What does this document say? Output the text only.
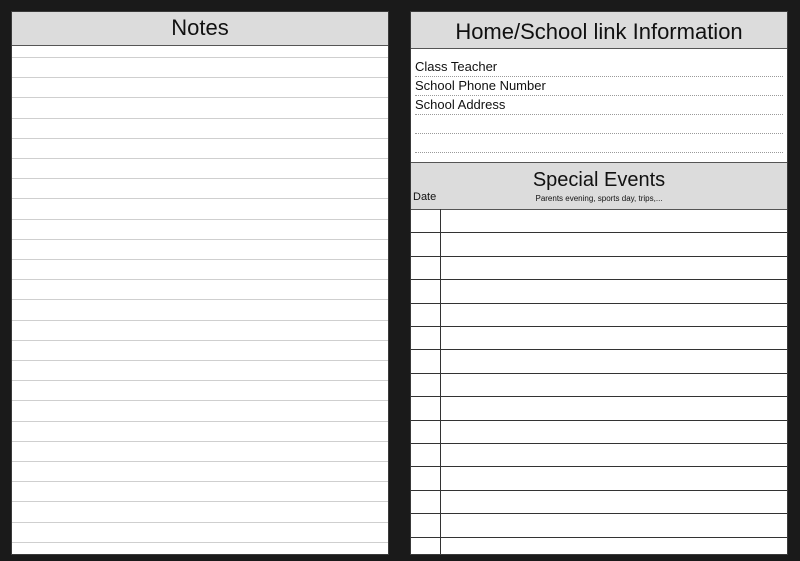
Notes	Home/School link Information
Class Teacher
School Phone Number
School Address
Date
Special Events
Parents evening, sports day, trips,...
